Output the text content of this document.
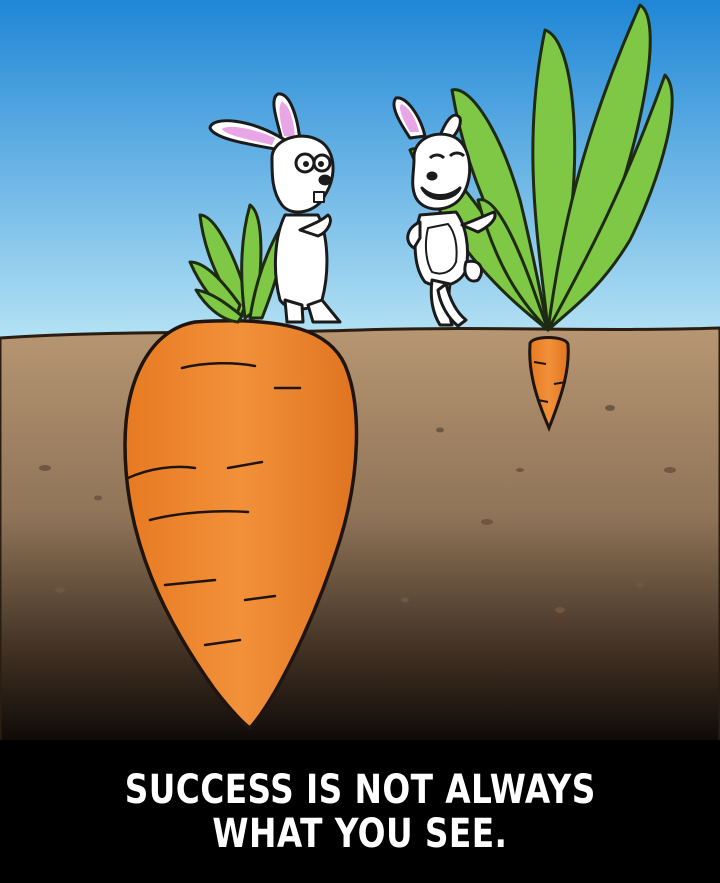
SUCCESS IS NOT ALWAYS
WHAT YOU SEE.
